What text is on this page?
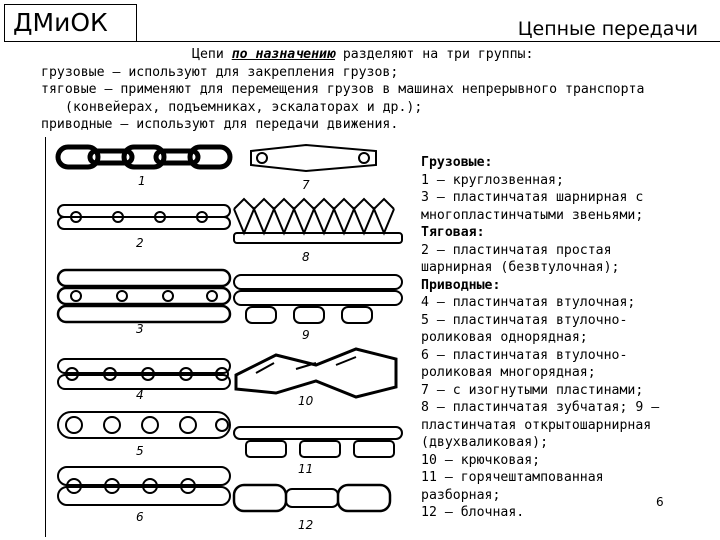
ДМиОК	Цепные передачи
Цепи по назначению разделяют на три группы:
грузовые – используют для закрепления грузов;
тяговые – применяют для перемещения грузов в машинах непрерывного транспорта
(конвейерах, подъемниках, эскалаторах и др.);
приводные – используют для передачи движения.
1
2
3
4
5
6
7
8
9
10
11
12
Грузовые:
1 — круглозвенная;
3 — пластинчатая шарнирная с
многопластинчатыми звеньями;
Тяговая:
2 — пластинчатая простая
шарнирная (безвтулочная);
Приводные:
4 — пластинчатая втулочная;
5 — пластинчатая втулочно-
роликовая однорядная;
6 — пластинчатая втулочно-
роликовая многорядная;
7 — с изогнутыми пластинами;
8 — пластинчатая зубчатая; 9 —
пластинчатая открытошарнирная
(двухваликовая);
10 — крючковая;
11 — горячештампованная
разборная;
12 — блочная.
6
